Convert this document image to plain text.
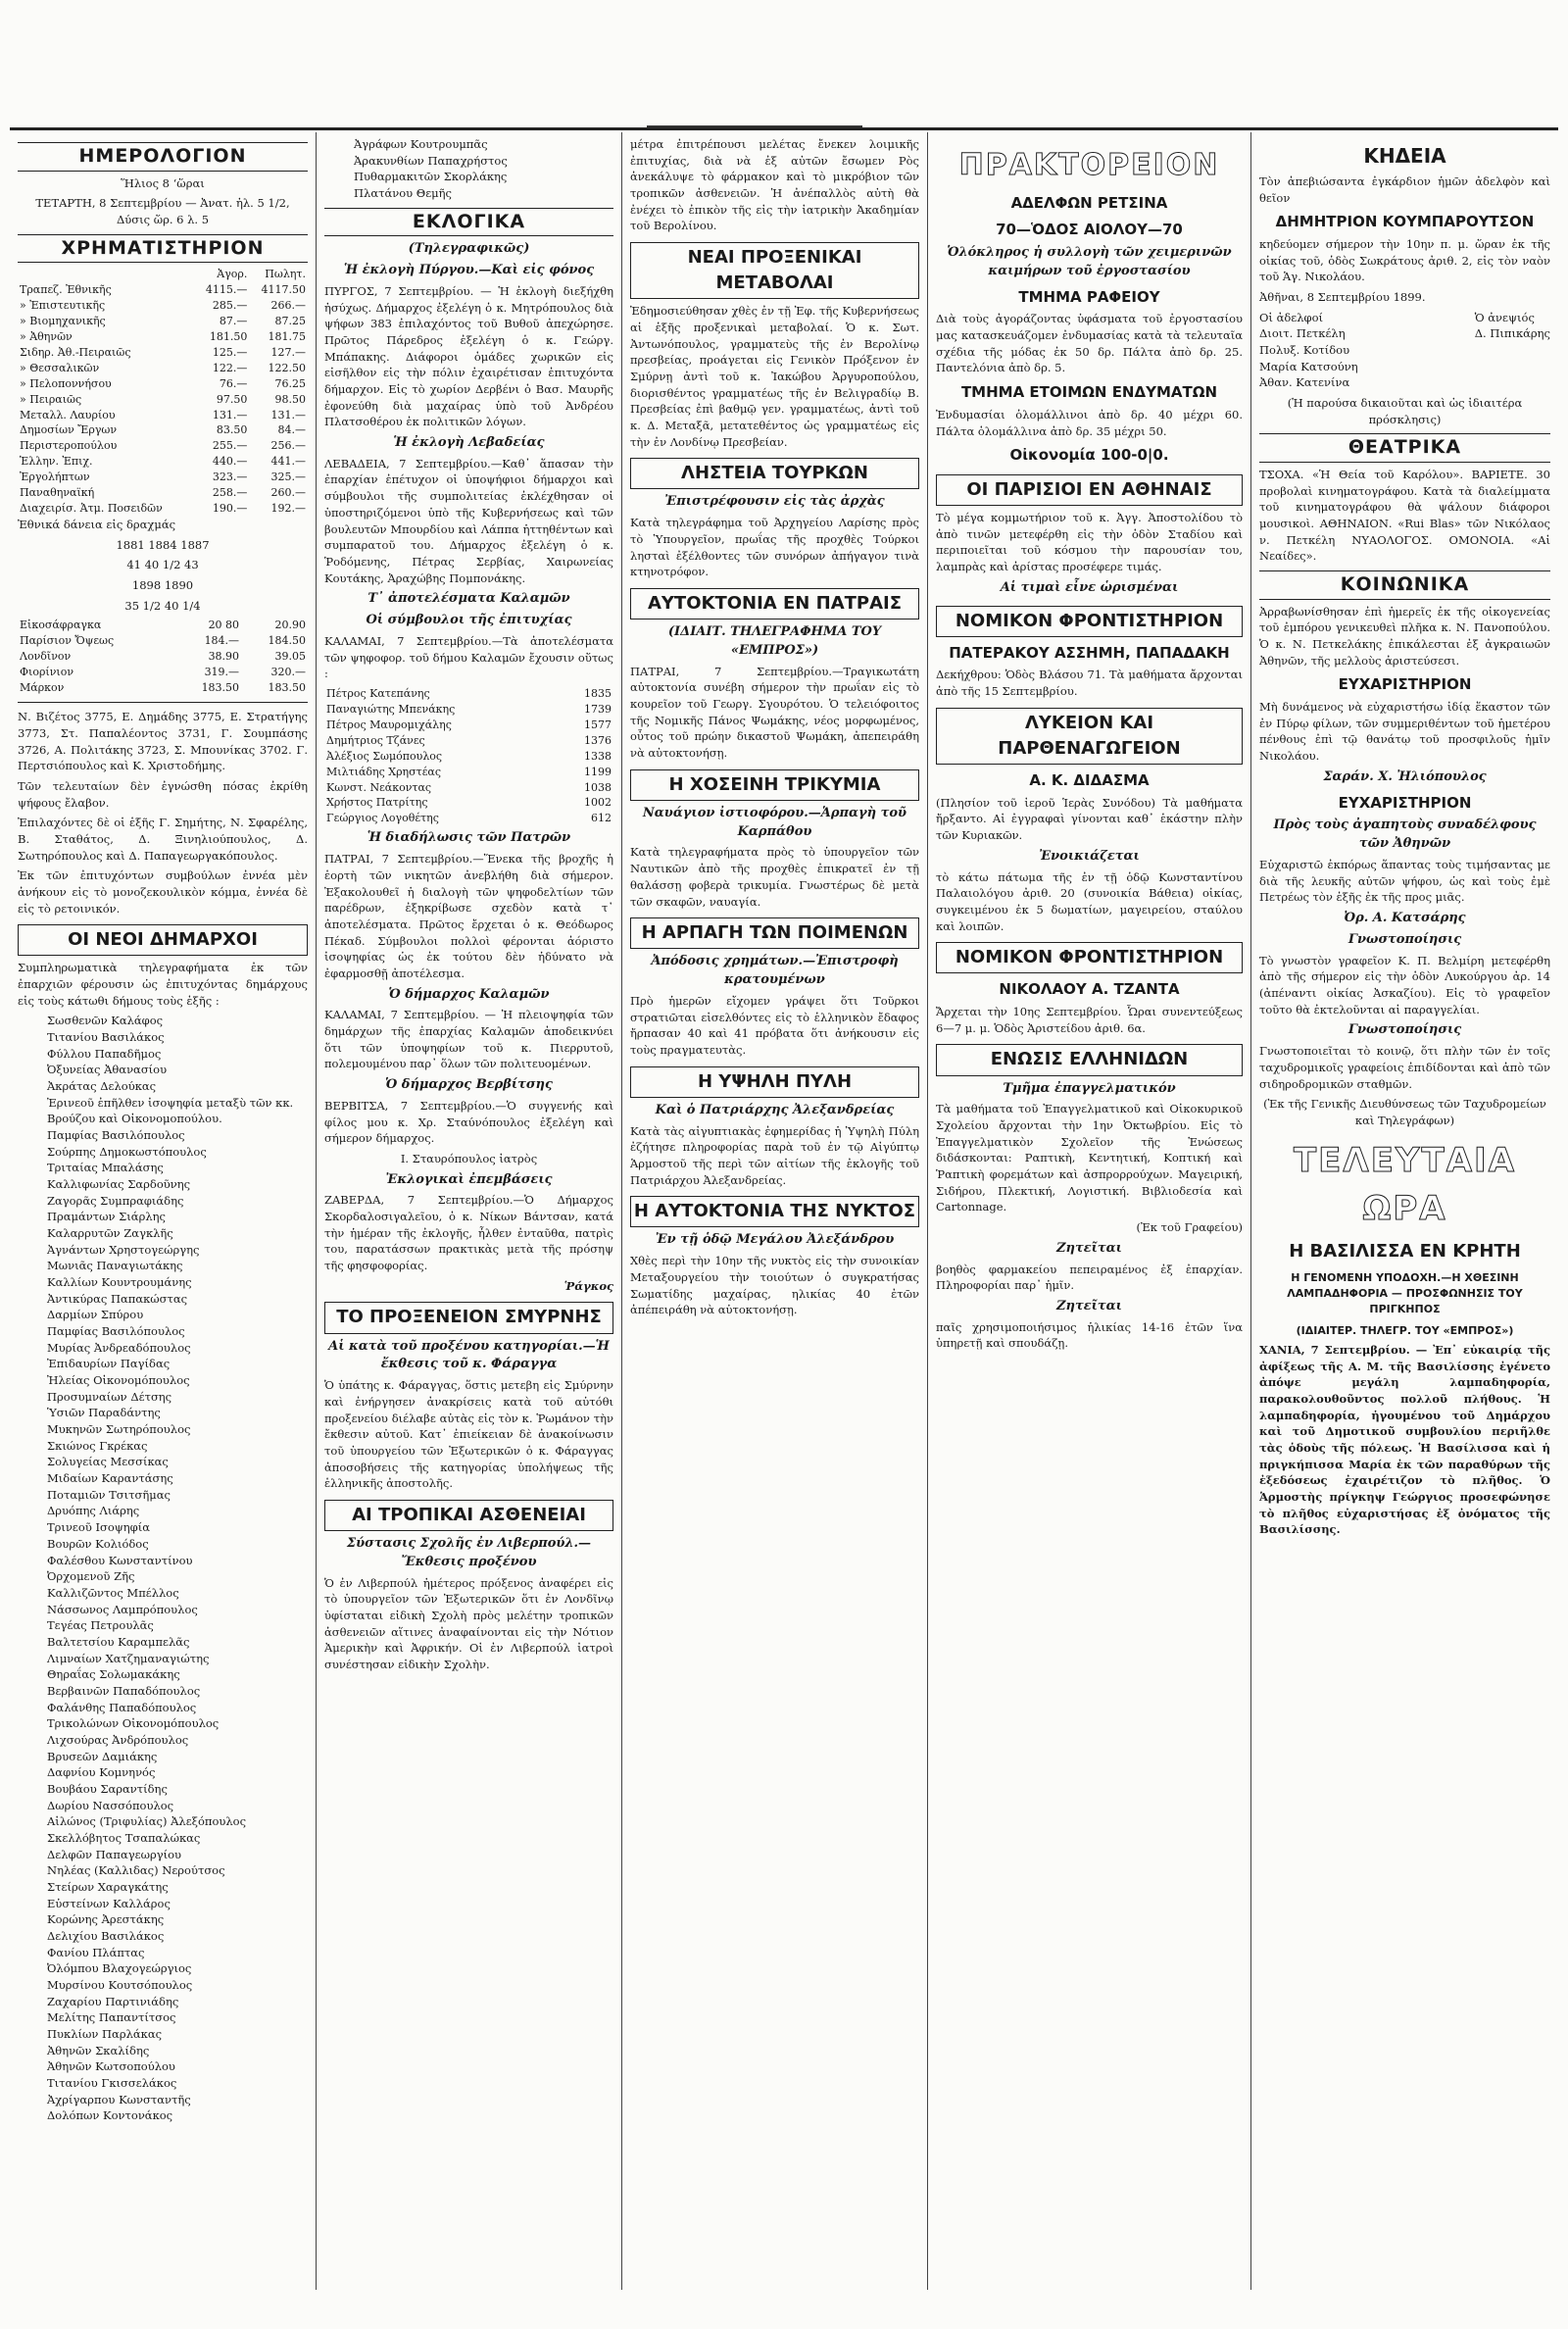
ΗΜΕΡΟΛΟΓΙΟΝ

Ἥλιος 8 ‘ὥραι

ΤΕΤΑΡΤΗ, 8 Σεπτεμβρίου — Ἀνατ. ἡλ. 5 1/2, Δύσις ὥρ. 6 λ. 5

ΧΡΗΜΑΤΙΣΤΗΡΙΟΝ
	Ἀγορ.	Πωλητ.
Τραπεζ. Ἐθνικῆς	4115.—	4117.50
» Ἐπιστευτικῆς	285.—	266.—
» Βιομηχανικῆς	87.—	87.25
» Ἀθηνῶν	181.50	181.75
Σιδηρ. Ἀθ.-Πειραιῶς	125.—	127.—
» Θεσσαλικῶν	122.—	122.50
» Πελοποννήσου	76.—	76.25
» Πειραιῶς	97.50	98.50
Μεταλλ. Λαυρίου	131.—	131.—
Δημοσίων Ἔργων	83.50	84.—
Περιστεροπούλου	255.—	256.—
Ἑλλην. Ἐπιχ.	440.—	441.—
Ἐργολήπτων	323.—	325.—
Παναθηναϊκή	258.—	260.—
Διαχειρίσ. Ἀτμ. Ποσειδῶν	190.—	192.—

Ἐθνικά δάνεια εἰς δραχμάς

1881 1884 1887

41 40 1/2 43

1898 1890

35 1/2 40 1/4

Εἰκοσάφραγκα	20 80	20.90
Παρίσιον Ὄψεως	184.—	184.50
Λονδῖνον	38.90	39.05
Φιορίνιον	319.—	320.—
Μάρκον	183.50	183.50

Ν. Βιζέτος 3775, Ε. Δημάδης 3775, Ε. Στρατήγης 3773, Στ. Παπαλέοντος 3731, Γ. Σουμπάσης 3726, Α. Πολιτάκης 3723, Σ. Μπουνίκας 3702. Γ. Περτσιόπουλος καὶ Κ. Χριστοδήμης.

Τῶν τελευταίων δὲν ἐγνώσθη πόσας ἐκρίθη ψήφους ἔλαβον.

Ἐπιλαχόντες δὲ οἱ ἑξῆς Γ. Σημήτης, Ν. Σφαρέλης, Β. Σταθάτος, Δ. Ξινηλιούπουλος, Δ. Σωτηρόπουλος καὶ Δ. Παπαγεωργακόπουλος.

Ἐκ τῶν ἐπιτυχόντων συμβούλων ἐννέα μὲν ἀνήκουν εἰς τὸ μονοζεκουλικὸν κόμμα, ἐννέα δὲ εἰς τὸ ρετοινικόν.

ΟΙ ΝΕΟΙ ΔΗΜΑΡΧΟΙ

Συμπληρωματικὰ τηλεγραφήματα ἐκ τῶν ἐπαρχιῶν φέρουσιν ὡς ἐπιτυχόντας δημάρχους εἰς τοὺς κάτωθι δήμους τοὺς ἑξῆς :

Σωσθενῶν Καλάφος
Τιτανίου Βασιλάκος
Φύλλου Παπαδῆμος
Ὀξυνείας Ἀθανασίου
Ἀκράτας Δελούκας
Ἐρινεοῦ ἐπῆλθεν ἰσοψηφία μεταξὺ τῶν κκ. Βρούζου καὶ Οἰκονομοπούλου.
Παμφίας Βασιλόπουλος
Σούρπης Δημοκωστόπουλος
Τριταίας Μπαλάσης
Καλλιφωνίας Σαρδοῦνης
Ζαγορᾶς Συμπραφιάδης
Πραμάντων Σιάρλης
Καλαρρυτῶν Ζαγκλῆς
Ἀγνάντων Χρηστογεώργης
Μωνιᾶς Παναγιωτάκης
Καλλίων Κουντρουμάνης
Ἀντικύρας Παπακώστας
Δαρμίων Σπύρου
Παμφίας Βασιλόπουλος
Μυρίας Ἀνδρεαδόπουλος
Ἐπιδαυρίων Παγίδας
Ἠλείας Οἰκονομόπουλος
Προσυμναίων Δέτσης
Ὑσιῶν Παραδάντης
Μυκηνῶν Σωτηρόπουλος
Σκιώνος Γκρέκας
Σολυγείας Μεσσίκας
Μιδαίων Καραντάσης
Ποταμιῶν Τσιτσῆμας
Δρυόπης Λιάρης
Τρινεοῦ Ισοψηφία
Βουρῶν Κολιόδος
Φαλέσθου Κωνσταντίνου
Ὀρχομενοῦ Ζῆς
Καλλιζῶντος Μπέλλος
Νάσσωνος Λαμπρόπουλος
Τεγέας Πετρουλᾶς
Βαλτετσίου Καραμπελᾶς
Λιμναίων Χατζημαναγιώτης
Θηραΐας Σολωμακάκης
Βερβαινῶν Παπαδόπουλος
Φαλάνθης Παπαδόπουλος
Τρικολώνων Οἰκονομόπουλος
Λιχσούρας Ἀνδρόπουλος
Βρυσεῶν Δαμιάκης
Δαφνίου Κομνηνός
Βουβάου Σαραντίδης
Δωρίου Νασσόπουλος
Αἰλώνος (Τριφυλίας) Ἀλεξόπουλος
Σκελλόβητος Τσαπαλώκας
Δελφῶν Παπαγεωργίου
Νηλέας (Καλλιδας) Νερούτσος
Στείρων Χαραγκάτης
Εὐστείνων Καλλάρος
Κορώνης Ἀρεστάκης
Δελιχίου Βασιλάκος
Φανίου Πλάπτας
Ὀλόμπου Βλαχογεώργιος
Μυρσίνου Κουτσόπουλος
Ζαχαρίου Παρτινιάδης
Μελίτης Παπαντίτσος
Πυκλίων Παρλάκας
Ἀθηνῶν Σκαλίδης
Ἀθηνῶν Κωτσοπούλου
Τιτανίου Γκισσελάκος
Ἀχρίγαρπου Κωνσταντῆς
Δολόπων Κοντονάκος
Ἀγράφων Κουτρουμπᾶς
Ἀρακυνθίων Παπαχρήστος
Πυθαρμακιτῶν Σκορλάκης
Πλατάνου Θεμῆς
ΕΚΛΟΓΙΚΑ
(Τηλεγραφικῶς)
Ἡ ἐκλογὴ Πύργου.—Καὶ εἰς φόνος

ΠΥΡΓΟΣ, 7 Σεπτεμβρίου. — Ἡ ἐκλογὴ διεξήχθη ἡσύχως. Δήμαρχος ἐξελέγη ὁ κ. Μητρόπουλος διὰ ψήφων 383 ἐπιλαχόντος τοῦ Βυθοῦ ἀπεχώρησε. Πρῶτος Πάρεδρος ἐξελέγη ὁ κ. Γεώργ. Μπάπακης. Διάφοροι ὁμάδες χωρικῶν εἰς εἰσῆλθον εἰς τὴν πόλιν ἐχαιρέτισαν ἐπιτυχόντα δήμαρχον. Εἰς τὸ χωρίον Δερβένι ὁ Βασ. Μαυρῆς ἐφονεύθη διὰ μαχαίρας ὑπὸ τοῦ Ἀνδρέου Πλατσοθέρου ἐκ πολιτικῶν λόγων.

Ἡ ἐκλογὴ Λεβαδείας

ΛΕΒΑΔΕΙΑ, 7 Σεπτεμβρίου.—Καθ᾽ ἅπασαν τὴν ἐπαρχίαν ἐπέτυχον οἱ ὑποψήφιοι δήμαρχοι καὶ σύμβουλοι τῆς συμπολιτείας ἐκλέχθησαν οἱ ὑποστηριζόμενοι ὑπὸ τῆς Κυβερνήσεως καὶ τῶν βουλευτῶν Μπουρδίου καὶ Λάππα ἡττηθέντων καὶ συμπαρατοῦ του. Δήμαρχος ἐξελέγη ὁ κ. Ῥοδόμενης, Πέτρας Σερβίας, Χαιρωνείας Κουτάκης, Ἀραχώβης Πομπονάκης.

Τ᾽ ἀποτελέσματα Καλαμῶν
Οἱ σύμβουλοι τῆς ἐπιτυχίας

ΚΑΛΑΜΑΙ, 7 Σεπτεμβρίου.—Τὰ ἀποτελέσματα τῶν ψηφοφορ. τοῦ δήμου Καλαμῶν ἔχουσιν οὕτως :

Πέτρος Κατεπάνης	1835
Παναγιώτης Μπενάκης	1739
Πέτρος Μαυρομιχάλης	1577
Δημήτριος Τζάνες	1376
Ἀλέξιος Σωμόπουλος	1338
Μιλτιάδης Χρηστέας	1199
Κωνστ. Νεάκοντας	1038
Χρήστος Πατρίτης	1002
Γεώργιος Λογοθέτης	612
Ἡ διαδήλωσις τῶν Πατρῶν

ΠΑΤΡΑΙ, 7 Σεπτεμβρίου.—Ἕνεκα τῆς βροχῆς ἡ ἑορτὴ τῶν νικητῶν ἀνεβλήθη διὰ σήμερον. Ἐξακολουθεῖ ἡ διαλογὴ τῶν ψηφοδελτίων τῶν παρέδρων, ἐξηκρίβωσε σχεδὸν κατὰ τ᾽ ἀποτελέσματα. Πρῶτος ἔρχεται ὁ κ. Θεόδωρος Πέκαδ. Σύμβουλοι πολλοὶ φέρονται ἀόριστο ἰσοψηφίας ὡς ἐκ τούτου δὲν ἠδύνατο νὰ ἐφαρμοσθῇ ἀποτέλεσμα.

Ὁ δήμαρχος Καλαμῶν

ΚΑΛΑΜΑΙ, 7 Σεπτεμβρίου. — Ἡ πλειοψηφία τῶν δημάρχων τῆς ἐπαρχίας Καλαμῶν ἀποδεικνύει ὅτι τῶν ὑποψηφίων τοῦ κ. Πιερρυτοῦ, πολεμουμένου παρ᾽ ὅλων τῶν πολιτευομένων.

Ὁ δήμαρχος Βερβίτσης

ΒΕΡΒΙΤΣΑ, 7 Σεπτεμβρίου.—Ὁ συγγενής καὶ φίλος μου κ. Χρ. Σταύνόπουλος ἐξελέγη καὶ σήμερον δήμαρχος.

Ι. Σταυρόπουλος ἰατρὸς

Ἐκλογικαὶ ἐπεμβάσεις

ΖΑΒΕΡΔΑ, 7 Σεπτεμβρίου.—Ὁ Δήμαρχος Σκορδαλοσιγαλεῖου, ὁ κ. Νίκων Βάντσαν, κατά τὴν ἡμέραν τῆς ἐκλογῆς, ἦλθεν ἐνταῦθα, πατρὶς του, παρατάσσων πρακτικὰς μετὰ τῆς πρόσηψ τῆς φησφοφορίας.

Ῥάγκος

ΤΟ ΠΡΟΞΕΝΕΙΟΝ ΣΜΥΡΝΗΣ
Αἱ κατὰ τοῦ προξένου κατηγορίαι.—Ἡ ἔκθεσις τοῦ κ. Φάραγγα

Ὁ ὑπάτης κ. Φάραγγας, ὅστις μετεβη εἰς Σμύρνην καὶ ἐνήργησεν ἀνακρίσεις κατὰ τοῦ αὐτόθι προξενείου διέλαβε αὐτὰς εἰς τὸν κ. Ῥωμάνον τὴν ἔκθεσιν αὐτοῦ. Κατ᾽ ἐπιείκειαν δὲ ἀνακοίνωσιν τοῦ ὑπουργείου τῶν Ἐξωτερικῶν ὁ κ. Φάραγγας ἀποσοβήσεις τῆς κατηγορίας ὑπολήψεως τῆς ἑλληνικῆς ἀποστολῆς.

ΑΙ ΤΡΟΠΙΚΑΙ ΑΣΘΕΝΕΙΑΙ
Σύστασις Σχολῆς ἐν Λιβερπούλ.—Ἔκθεσις προξένου

Ὁ ἐν Λιβερπούλ ἡμέτερος πρόξενος ἀναφέρει εἰς τὸ ὑπουργεῖον τῶν Ἐξωτερικῶν ὅτι ἐν Λονδῖνῳ ὑφίσταται εἰδικὴ Σχολὴ πρὸς μελέτην τροπικῶν ἀσθενειῶν αἵτινες ἀναφαίνονται εἰς τὴν Νότιον Ἀμερικὴν καὶ Ἀφρικήν. Οἱ ἐν Λιβερπούλ ἰατροὶ συνέστησαν εἰδικὴν Σχολὴν.

μέτρα ἐπιτρέπουσι μελέτας ἔνεκεν λοιμικῆς ἐπιτυχίας, διὰ νὰ ἐξ αὐτῶν ἔσωμεν Ρὸς ἀνεκάλυψε τὸ φάρμακον καὶ τὸ μικρόβιον τῶν τροπικῶν ἀσθενειῶν. Ἡ ἀνέπαλλὸς αὐτὴ θὰ ἐνέχει τὸ ἐπικὸν τῆς εἰς τὴν ἰατρικὴν Ἀκαδημίαν τοῦ Βερολίνου.

ΝΕΑΙ ΠΡΟΞΕΝΙΚΑΙ ΜΕΤΑΒΟΛΑΙ

Ἐδημοσιεύθησαν χθὲς ἐν τῇ Ἐφ. τῆς Κυβερνήσεως αἱ ἑξῆς προξενικαὶ μεταβολαί. Ὁ κ. Σωτ. Ἀντωνόπουλος, γραμματεὺς τῆς ἐν Βερολίνῳ πρεσβείας, προάγεται εἰς Γενικὸν Πρόξενον ἐν Σμύρνῃ ἀντὶ τοῦ κ. Ἰακώβου Ἀργυροπούλου, διορισθέντος γραμματέως τῆς ἐν Βελιγραδίῳ Β. Πρεσβείας ἐπὶ βαθμῷ γεν. γραμματέως, ἀντὶ τοῦ κ. Δ. Μεταξᾶ, μετατεθέντος ὡς γραμματέως εἰς τὴν ἐν Λονδίνῳ Πρεσβείαν.

ΛΗΣΤΕΙΑ ΤΟΥΡΚΩΝ
Ἐπιστρέφουσιν εἰς τὰς ἀρχὰς

Κατὰ τηλεγράφημα τοῦ Ἀρχηγείου Λαρίσης πρὸς τὸ Ὑπουργεῖον, πρωΐας τῆς προχθὲς Τούρκοι λησταὶ ἐξέλθοντες τῶν συνόρων ἀπήγαγον τινὰ κτηνοτρόφον.

ΑΥΤΟΚΤΟΝΙΑ ΕΝ ΠΑΤΡΑΙΣ
(ΙΔΙΑΙΤ. ΤΗΛΕΓΡΑΦΗΜΑ ΤΟΥ «ΕΜΠΡΟΣ»)

ΠΑΤΡΑΙ, 7 Σεπτεμβρίου.—Τραγικωτάτη αὐτοκτονία συνέβη σήμερον τὴν πρωΐαν εἰς τὸ κουρεῖον τοῦ Γεωργ. Σγουρότου. Ὁ τελειόφοιτος τῆς Νομικῆς Πάνος Ψωμάκης, νέος μορφωμένος, οὗτος τοῦ πρώην δικαστοῦ Ψωμάκη, ἀπεπειράθη νὰ αὐτοκτονήσῃ.

Η ΧΟΣΕΙΝΗ ΤΡΙΚΥΜΙΑ
Ναυάγιον ἰστιοφόρου.—Ἁρπαγὴ τοῦ Καρπάθου

Κατὰ τηλεγραφήματα πρὸς τὸ ὑπουργεῖον τῶν Ναυτικῶν ἀπὸ τῆς προχθὲς ἐπικρατεῖ ἐν τῇ θαλάσσῃ φοβερὰ τρικυμία. Γνωστέρως δὲ μετὰ τῶν σκαφῶν, ναυαγία.

Η ΑΡΠΑΓΗ ΤΩΝ ΠΟΙΜΕΝΩΝ
Ἀπόδοσις χρημάτων.—Ἐπιστροφὴ κρατουμένων

Πρὸ ἡμερῶν εἴχομεν γράψει ὅτι Τοῦρκοι στρατιῶται εἰσελθόντες εἰς τὸ ἑλληνικὸν ἔδαφος ἤρπασαν 40 καὶ 41 πρόβατα ὅτι ἀνήκουσιν εἰς τοὺς πραγματευτὰς.

Η ΥΨΗΛΗ ΠΥΛΗ
Καὶ ὁ Πατριάρχης Ἀλεξανδρείας

Κατὰ τὰς αἰγυπτιακὰς ἐφημερίδας ἡ Ὑψηλὴ Πύλη ἐζήτησε πληροφορίας παρὰ τοῦ ἐν τῷ Αἰγύπτῳ Ἁρμοστοῦ τῆς περὶ τῶν αἰτίων τῆς ἐκλογῆς τοῦ Πατριάρχου Ἀλεξανδρείας.

Η ΑΥΤΟΚΤΟΝΙΑ ΤΗΣ ΝΥΚΤΟΣ
Ἐν τῇ ὁδῷ Μεγάλου Ἀλεξάνδρου

Χθὲς περὶ τὴν 10ην τῆς νυκτὸς εἰς τὴν συνοικίαν Μεταξουργείου τὴν τοιούτων ὁ συγκρατήσας Σωματίδης μαχαίρας, ηλικίας 40 ἐτῶν ἀπέπειράθη νὰ αὐτοκτονήσῃ.

ΠΡΑΚΤΟΡΕΙΟΝ
ΑΔΕΛΦΩΝ ΡΕΤΣΙΝΑ
70—ὉΔΟΣ ΑΙΟΛΟΥ—70
Ὁλόκληρος ἡ συλλογὴ τῶν χειμερινῶν καιμήρων τοῦ ἐργοστασίου
ΤΜΗΜΑ ΡΑΦΕΙΟΥ

Διὰ τοὺς ἀγοράζοντας ὑφάσματα τοῦ ἐργοστασίου μας κατασκευάζομεν ἐνδυμασίας κατὰ τὰ τελευταῖα σχέδια τῆς μόδας ἐκ 50 δρ. Πάλτα ἀπὸ δρ. 25. Παντελόνια ἀπὸ δρ. 5.

ΤΜΗΜΑ ΕΤΟΙΜΩΝ ΕΝΔΥΜΑΤΩΝ

Ἐνδυμασίαι ὁλομάλλινοι ἀπὸ δρ. 40 μέχρι 60. Πάλτα ὁλομάλλινα ἀπὸ δρ. 35 μέχρι 50.

Οἰκονομία 100-0|0.
ΟΙ ΠΑΡΙΣΙΟΙ ΕΝ ΑΘΗΝΑΙΣ

Τὸ μέγα κομμωτήριον τοῦ κ. Ἀγγ. Ἀποστολίδου τὸ ἀπὸ τινῶν μετεφέρθη εἰς τὴν ὁδὸν Σταδίου καὶ περιποιεῖται τοῦ κόσμου τὴν παρουσίαν του, λαμπρὰς καὶ ἀρίστας προσέφερε τιμάς.

Αἱ τιμαὶ εἶνε ὡρισμέναι
ΝΟΜΙΚΟΝ ΦΡΟΝΤΙΣΤΗΡΙΟΝ
ΠΑΤΕΡΑΚΟΥ ΑΣΣΗΜΗ, ΠΑΠΑΔΑΚΗ

Δεκήχθρου: Ὁδὸς Βλάσου 71. Τὰ μαθήματα ἄρχονται ἀπὸ τῆς 15 Σεπτεμβρίου.

ΛΥΚΕΙΟΝ ΚΑΙ ΠΑΡΘΕΝΑΓΩΓΕΙΟΝ
Α. Κ. ΔΙΔΑΣΜΑ

(Πλησίον τοῦ ἱεροῦ Ἱερὰς Συνόδου) Τὰ μαθήματα ἤρξαντο. Αἱ ἐγγραφαὶ γίνονται καθ᾽ ἑκάστην πλὴν τῶν Κυριακῶν.

Ἐνοικιάζεται

τὸ κάτω πάτωμα τῆς ἐν τῇ ὁδῷ Κωνσταντίνου Παλαιολόγου ἀριθ. 20 (συνοικία Βάθεια) οἰκίας, συγκειμένου ἐκ 5 δωματίων, μαγειρείου, σταύλου καὶ λοιπῶν.

ΝΟΜΙΚΟΝ ΦΡΟΝΤΙΣΤΗΡΙΟΝ
ΝΙΚΟΛΑΟΥ Α. ΤΖΑΝΤΑ

Ἄρχεται τὴν 10ης Σεπτεμβρίου. Ὧραι συνεντεύξεως 6—7 μ. μ. Ὁδὸς Ἀριστείδου ἀριθ. 6α.

ΕΝΩΣΙΣ ΕΛΛΗΝΙΔΩΝ
Τμῆμα ἐπαγγελματικόν

Τὰ μαθήματα τοῦ Ἐπαγγελματικοῦ καὶ Οἰκοκυρικοῦ Σχολείου ἄρχονται τὴν 1ην Ὀκτωβρίου. Εἰς τὸ Ἐπαγγελματικὸν Σχολεῖον τῆς Ἑνώσεως διδάσκονται: Ραπτικὴ, Κεντητική, Κοπτική καὶ Ῥαπτικὴ φορεμάτων καὶ ἀσπρορρούχων. Μαγειρική, Σιδήρου, Πλεκτική, Λογιστική. Βιβλιοδεσία καὶ Cartonnage.

(Ἐκ τοῦ Γραφείου)

Ζητεῖται

βοηθὸς φαρμακείου πεπειραμένος ἐξ ἐπαρχίαν. Πληροφορίαι παρ᾽ ἡμῖν.

Ζητεῖται

παῖς χρησιμοποιήσιμος ἡλικίας 14-16 ἐτῶν ἵνα ὑπηρετῇ καὶ σπουδάζῃ.

ΚΗΔΕΙΑ

Τὸν ἀπεβιώσαντα ἐγκάρδιον ἡμῶν ἀδελφὸν καὶ θεῖον

ΔΗΜΗΤΡΙΟΝ ΚΟΥΜΠΑΡΟΥΤΣΟΝ

κηδεύομεν σήμερον τὴν 10ην π. μ. ὥραν ἐκ τῆς οἰκίας τοῦ, ὁδὸς Σωκράτους ἀριθ. 2, εἰς τὸν ναὸν τοῦ Ἁγ. Νικολάου.

Ἀθῆναι, 8 Σεπτεμβρίου 1899.

Οἱ ἀδελφοί
Διοιτ. Πετκέλη
Πολυξ. Κοτίδου
Μαρία Κατσούνη
Ἀθαν. Κατενίνα

Ὁ ἀνεψιός
Δ. Πιπικάρης

(Ἡ παρούσα δικαιοῦται καὶ ὡς ἰδιαιτέρα πρόσκλησις)

ΘΕΑΤΡΙΚΑ

ΤΣΟΧΑ. «Ἡ Θεία τοῦ Καρόλου». ΒΑΡΙΕΤΕ. 30 προβολαὶ κινηματογράφου. Κατὰ τὰ διαλείμματα τοῦ κινηματογράφου θὰ ψάλουν διάφοροι μουσικοὶ. ΑΘΗΝΑΙΟΝ. «Rui Blas» τῶν Νικόλαος ν. Πετκέλη ΝΥΑΟΛΟΓΟΣ. ΟΜΟΝΟΙΑ. «Αἱ Νεαίδες».

ΚΟΙΝΩΝΙΚΑ

Ἀρραβωνίσθησαν ἐπὶ ἡμερεῖς ἐκ τῆς οἰκογενείας τοῦ ἐμπόρου γενικευθεὶ πλῆκα κ. Ν. Πανοπούλου. Ὁ κ. Ν. Πετκελάκης ἐπικάλεσται ἐξ ἀγκραιωῶν Ἀθηνῶν, τῆς μελλοὺς ἀριστεύσεσι.

ΕΥΧΑΡΙΣΤΗΡΙΟΝ

Μὴ δυνάμενος νὰ εὐχαριστήσω ἰδίᾳ ἕκαστον τῶν ἐν Πύρῳ φίλων, τῶν συμμεριθέντων τοῦ ἡμετέρου πένθους ἐπὶ τῷ θανάτῳ τοῦ προσφιλοῦς ἡμῖν Νικολάου.

Σαράν. Χ. Ἠλιόπουλος
ΕΥΧΑΡΙΣΤΗΡΙΟΝ
Πρὸς τοὺς ἀγαπητοὺς συναδέλφους τῶν Ἀθηνῶν

Εὐχαριστῶ ἐκπόρως ἅπαντας τοὺς τιμήσαντας με διὰ τῆς λευκῆς αὐτῶν ψήφου, ὡς καὶ τοὺς ἐμὲ Πετρέως τὸν ἑξῆς ἐκ τῆς προς μιᾶς.

Ὀρ. Α. Κατσάρης
Γνωστοποίησις

Τὸ γνωστὸν γραφεῖον Κ. Π. Βελμίρη μετεφέρθη ἀπὸ τῆς σήμερον εἰς τὴν ὁδὸν Λυκούργου ἀρ. 14 (ἀπέναντι οἰκίας Ἀσκαζίου). Εἰς τὸ γραφεῖον τοῦτο θὰ ἐκτελοῦνται αἱ παραγγελίαι.

Γνωστοποίησις

Γνωστοποιεῖται τὸ κοινῷ, ὅτι πλὴν τῶν ἐν τοῖς ταχυδρομικοῖς γραφείοις ἐπιδίδονται καὶ ἀπὸ τῶν σιδηροδρομικῶν σταθμῶν.

(Ἐκ τῆς Γενικῆς Διευθύνσεως τῶν Ταχυδρομείων καὶ Τηλεγράφων)

ΤΕΛΕΥΤΑΙΑ ΩΡΑ
Η ΒΑΣΙΛΙΣΣΑ ΕΝ ΚΡΗΤΗ
Η ΓΕΝΟΜΕΝΗ ΥΠΟΔΟΧΗ.—Η ΧΘΕΣΙΝΗ ΛΑΜΠΑΔΗΦΟΡΙΑ — ΠΡΟΣΦΩΝΗΣΙΣ ΤΟΥ ΠΡΙΓΚΗΠΟΣ
(ΙΔΙΑΙΤΕΡ. ΤΗΛΕΓΡ. ΤΟΥ «ΕΜΠΡΟΣ»)

ΧΑΝΙΑ, 7 Σεπτεμβρίου. — Ἐπ᾽ εὐκαιρίᾳ τῆς ἀφίξεως τῆς Α. Μ. τῆς Βασιλίσσης ἐγένετο ἀπόψε μεγάλη λαμπαδηφορία, παρακολουθοῦντος πολλοῦ πλήθους. Ἡ λαμπαδηφορία, ἡγουμένου τοῦ Δημάρχου καὶ τοῦ Δημοτικοῦ συμβουλίου περιῆλθε τὰς ὁδοὺς τῆς πόλεως. Ἡ Βασίλισσα καὶ ἡ πριγκήπισσα Μαρία ἐκ τῶν παραθύρων τῆς ἐξεδόσεως ἐχαιρέτιζον τὸ πλῆθος. Ὁ Ἁρμοστὴς πρίγκηψ Γεώργιος προσεφώνησε τὸ πλῆθος εὐχαριστήσας ἐξ ὀνόματος τῆς Βασιλίσσης.
